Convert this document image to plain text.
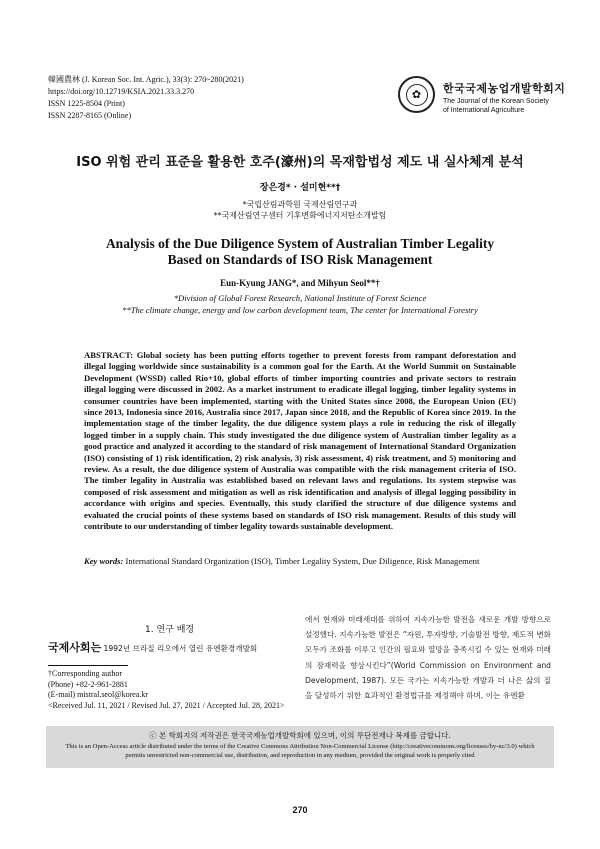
韓國農林 (J. Korean Soc. Int. Agric.), 33(3): 270~280(2021)
https://doi.org/10.12719/KSIA.2021.33.3.270
ISSN 1225-8504 (Print)
ISSN 2287-8165 (Online)
✿	한국국제농업개발학회지
The Journal of the Korean Society
of International Agriculture
ISO 위험 관리 표준을 활용한 호주(濠州)의 목재합법성 제도 내 실사체계 분석
장은경* · 설미현**†
*국립산림과학원 국제산림연구과
**국제산림연구센터 기후변화에너지저탄소개발팀
Analysis of the Due Diligence System of Australian Timber Legality
Based on Standards of ISO Risk Management
Eun-Kyung JANG*, and Mihyun Seol**†
*Division of Global Forest Research, National Institute of Forest Science
**The climate change, energy and low carbon development team, The center for International Forestry
ABSTRACT: Global society has been putting efforts together to prevent forests from rampant deforestation and illegal logging worldwide since sustainability is a common goal for the Earth. At the World Summit on Sustainable Development (WSSD) called Rio+10, global efforts of timber importing countries and private sectors to restrain illegal logging were discussed in 2002. As a market instrument to eradicate illegal logging, timber legality systems in consumer countries have been implemented, starting with the United States since 2008, the European Union (EU) since 2013, Indonesia since 2016, Australia since 2017, Japan since 2018, and the Republic of Korea since 2019. In the implementation stage of the timber legality, the due diligence system plays a role in reducing the risk of illegally logged timber in a supply chain. This study investigated the due diligence system of Australian timber legality as a good practice and analyzed it according to the standard of risk management of International Standard Organization (ISO) consisting of 1) risk identification, 2) risk analysis, 3) risk assessment, 4) risk treatment, and 5) monitoring and review. As a result, the due diligence system of Australia was compatible with the risk management criteria of ISO. The timber legality in Australia was established based on relevant laws and regulations. Its system stepwise was composed of risk assessment and mitigation as well as risk identification and analysis of illegal logging possibility in accordance with origins and species. Eventually, this study clarified the structure of due diligence systems and evaluated the crucial points of these systems based on standards of ISO risk management. Results of this study will contribute to our understanding of timber legality towards sustainable development.
Key words: International Standard Organization (ISO), Timber Legality System, Due Diligence, Risk Management
1. 연구 배경
국제사회는 1992년 브라질 리오에서 열린 유엔환경개발회
†Corresponding author
(Phone) +82-2-961-2881
(E-mail) mistral.seol@korea.kr
<Received Jul. 11, 2021 / Revised Jul. 27, 2021 / Accepted Jul. 28, 2021>
에서 현재와 미래세대를 위하여 지속가능한 발전을 새로운 개발 방향으로 설정했다. 지속가능한 발전은 “자원, 투자방향, 기술발전 방향, 제도적 변화 모두가 조화를 이루고 인간의 필요와 열망을 충족시킬 수 있는 현재와 미래의 잠재력을 향상시킨다”(World Commission on Environment and Development, 1987). 모든 국가는 지속가능한 개발과 더 나은 삶의 질을 달성하기 위한 효과적인 환경법규를 제정해야 하며, 이는 유엔환
ⓒ 본 학회지의 저작권은 한국국제농업개발학회에 있으며, 이의 무단전재나 복제를 금합니다.
This is an Open-Access article distributed under the terms of the Creative Commons Attribution Non-Commercial License (http://creativecommons.org/licenses/by-nc/3.0) which
permits unrestricted non-commercial use, distribution, and reproduction in any medium, provided the original work is properly cited
270
